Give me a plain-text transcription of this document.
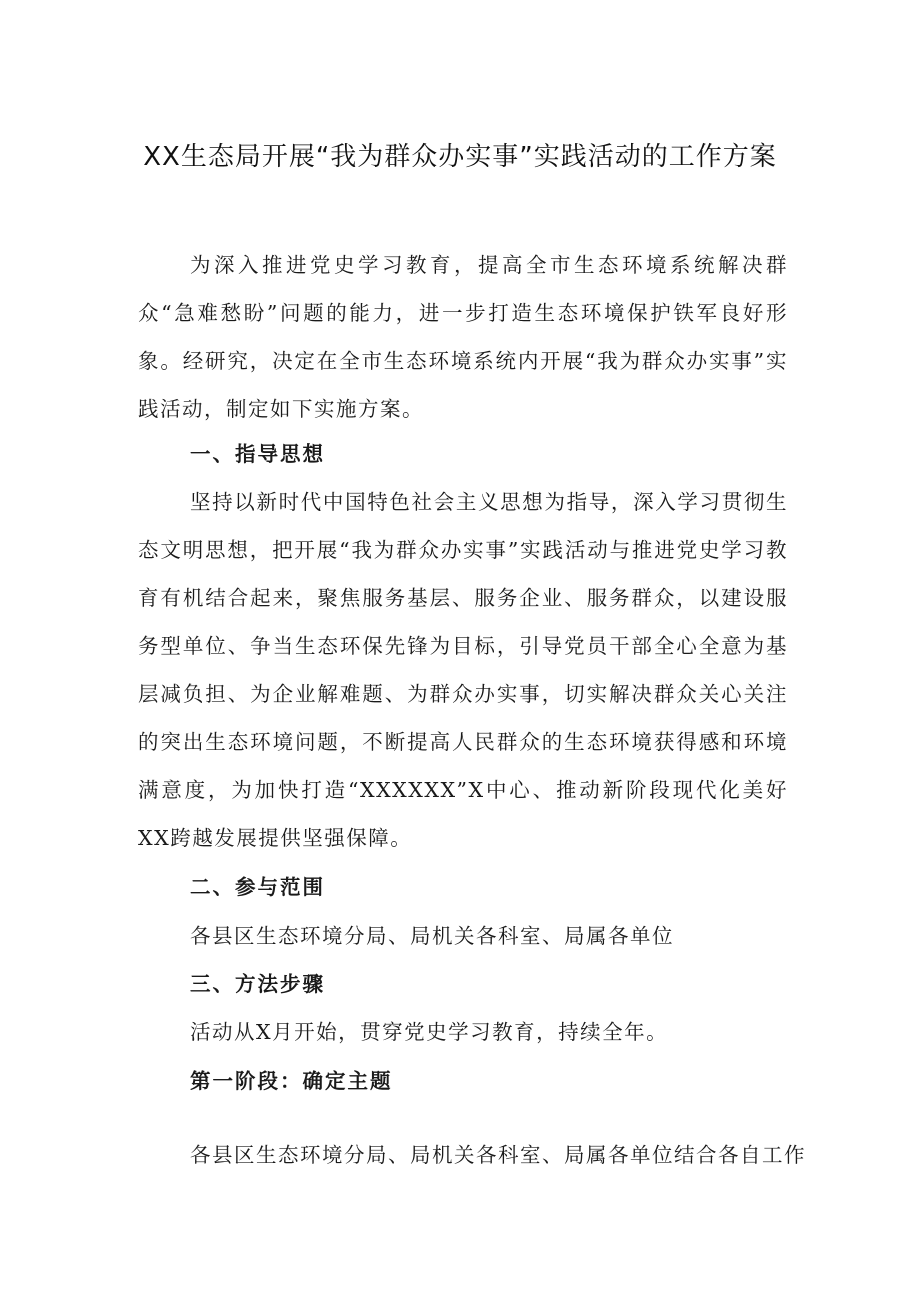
XX生态局开展“我为群众办实事”实践活动的工作方案

为深入推进党史学习教育，提高全市生态环境系统解决群众“急难愁盼”问题的能力，进一步打造生态环境保护铁军良好形象。经研究，决定在全市生态环境系统内开展“我为群众办实事”实践活动，制定如下实施方案。

一、指导思想

坚持以新时代中国特色社会主义思想为指导，深入学习贯彻生态文明思想，把开展“我为群众办实事”实践活动与推进党史学习教育有机结合起来，聚焦服务基层、服务企业、服务群众，以建设服务型单位、争当生态环保先锋为目标，引导党员干部全心全意为基层减负担、为企业解难题、为群众办实事，切实解决群众关心关注的突出生态环境问题，不断提高人民群众的生态环境获得感和环境满意度，为加快打造“XXXXXX”X中心、推动新阶段现代化美好XX跨越发展提供坚强保障。

二、参与范围

各县区生态环境分局、局机关各科室、局属各单位

三、方法步骤

活动从X月开始，贯穿党史学习教育，持续全年。

第一阶段：确定主题

各县区生态环境分局、局机关各科室、局属各单位结合各自工作
